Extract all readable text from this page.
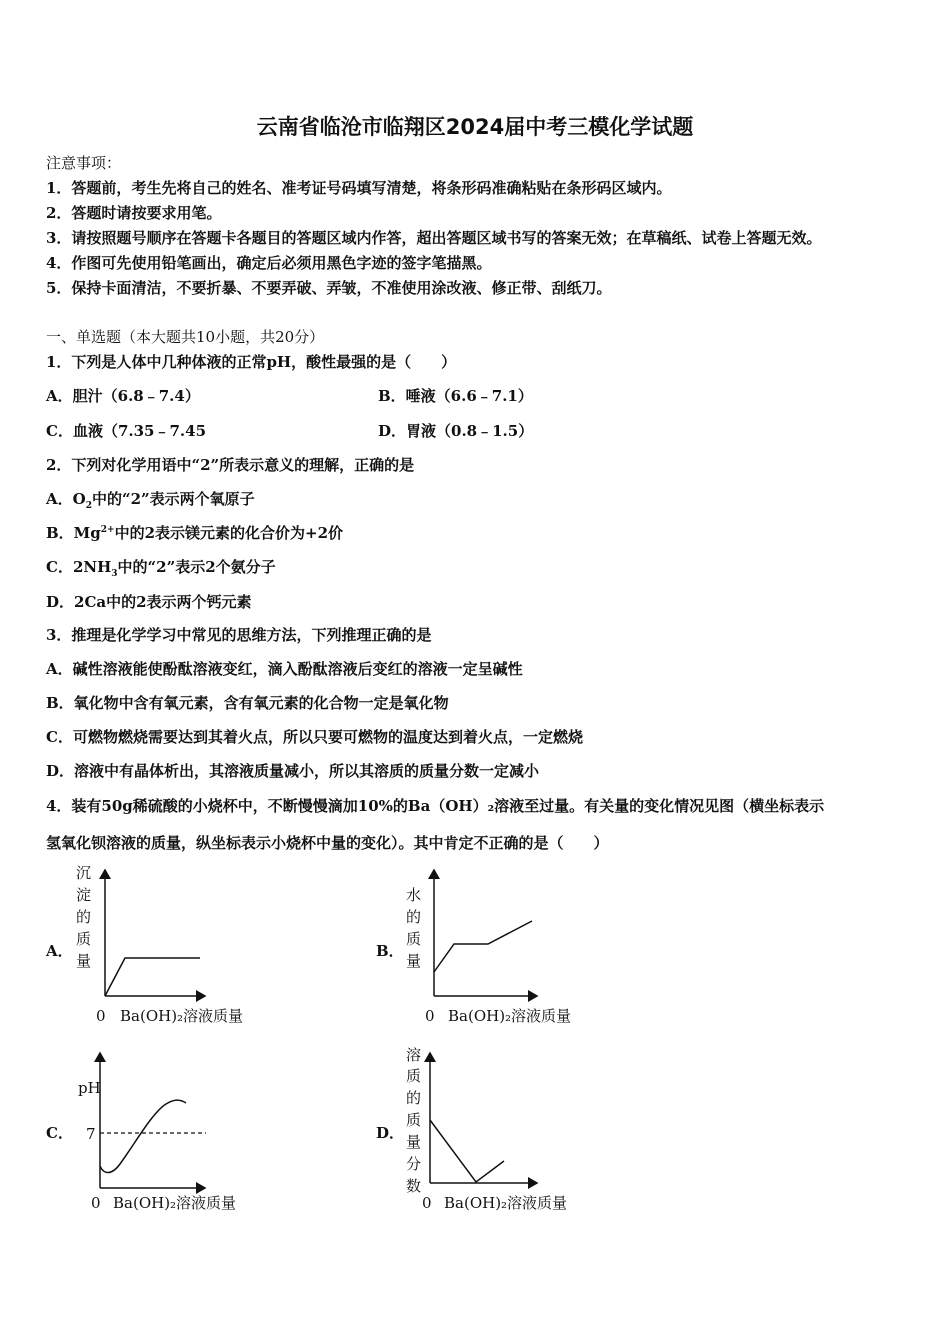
云南省临沧市临翔区2024届中考三模化学试题
注意事项：
1．答题前，考生先将自己的姓名、准考证号码填写清楚，将条形码准确粘贴在条形码区域内。
2．答题时请按要求用笔。
3．请按照题号顺序在答题卡各题目的答题区域内作答，超出答题区域书写的答案无效；在草稿纸、试卷上答题无效。
4．作图可先使用铅笔画出，确定后必须用黑色字迹的签字笔描黑。
5．保持卡面清洁，不要折暴、不要弄破、弄皱，不准使用涂改液、修正带、刮纸刀。
一、单选题（本大题共10小题，共20分）
1．下列是人体中几种体液的正常pH，酸性最强的是（　　）
A．胆汁（6.8﹣7.4）	B．唾液（6.6﹣7.1）
C．血液（7.35﹣7.45	D．胃液（0.8﹣1.5）
2．下列对化学用语中“2”所表示意义的理解，正确的是
A．$O_2$中的“2”表示两个氧原子
B．$Mg^{2+}$中的2表示镁元素的化合价为+2价
C．$2NH_3$中的“2”表示2个氨分子
D．2Ca中的2表示两个钙元素
3．推理是化学学习中常见的思维方法，下列推理正确的是
A．碱性溶液能使酚酞溶液变红，滴入酚酞溶液后变红的溶液一定呈碱性
B．氧化物中含有氧元素，含有氧元素的化合物一定是氧化物
C．可燃物燃烧需要达到其着火点，所以只要可燃物的温度达到着火点，一定燃烧
D．溶液中有晶体析出，其溶液质量减小，所以其溶质的质量分数一定减小
4．装有50g稀硫酸的小烧杯中，不断慢慢滴加10%的Ba（OH）₂溶液至过量。有关量的变化情况见图（横坐标表示
氢氧化钡溶液的质量，纵坐标表示小烧杯中量的变化）。其中肯定不正确的是（　　）
A．
沉
淀
的
质
量
0 Ba(OH)₂溶液质量
B．
水
的
质
量
0 Ba(OH)₂溶液质量
C．
pH
7
0 Ba(OH)₂溶液质量
D．
溶
质
的
质
量
分
数
0 Ba(OH)₂溶液质量
